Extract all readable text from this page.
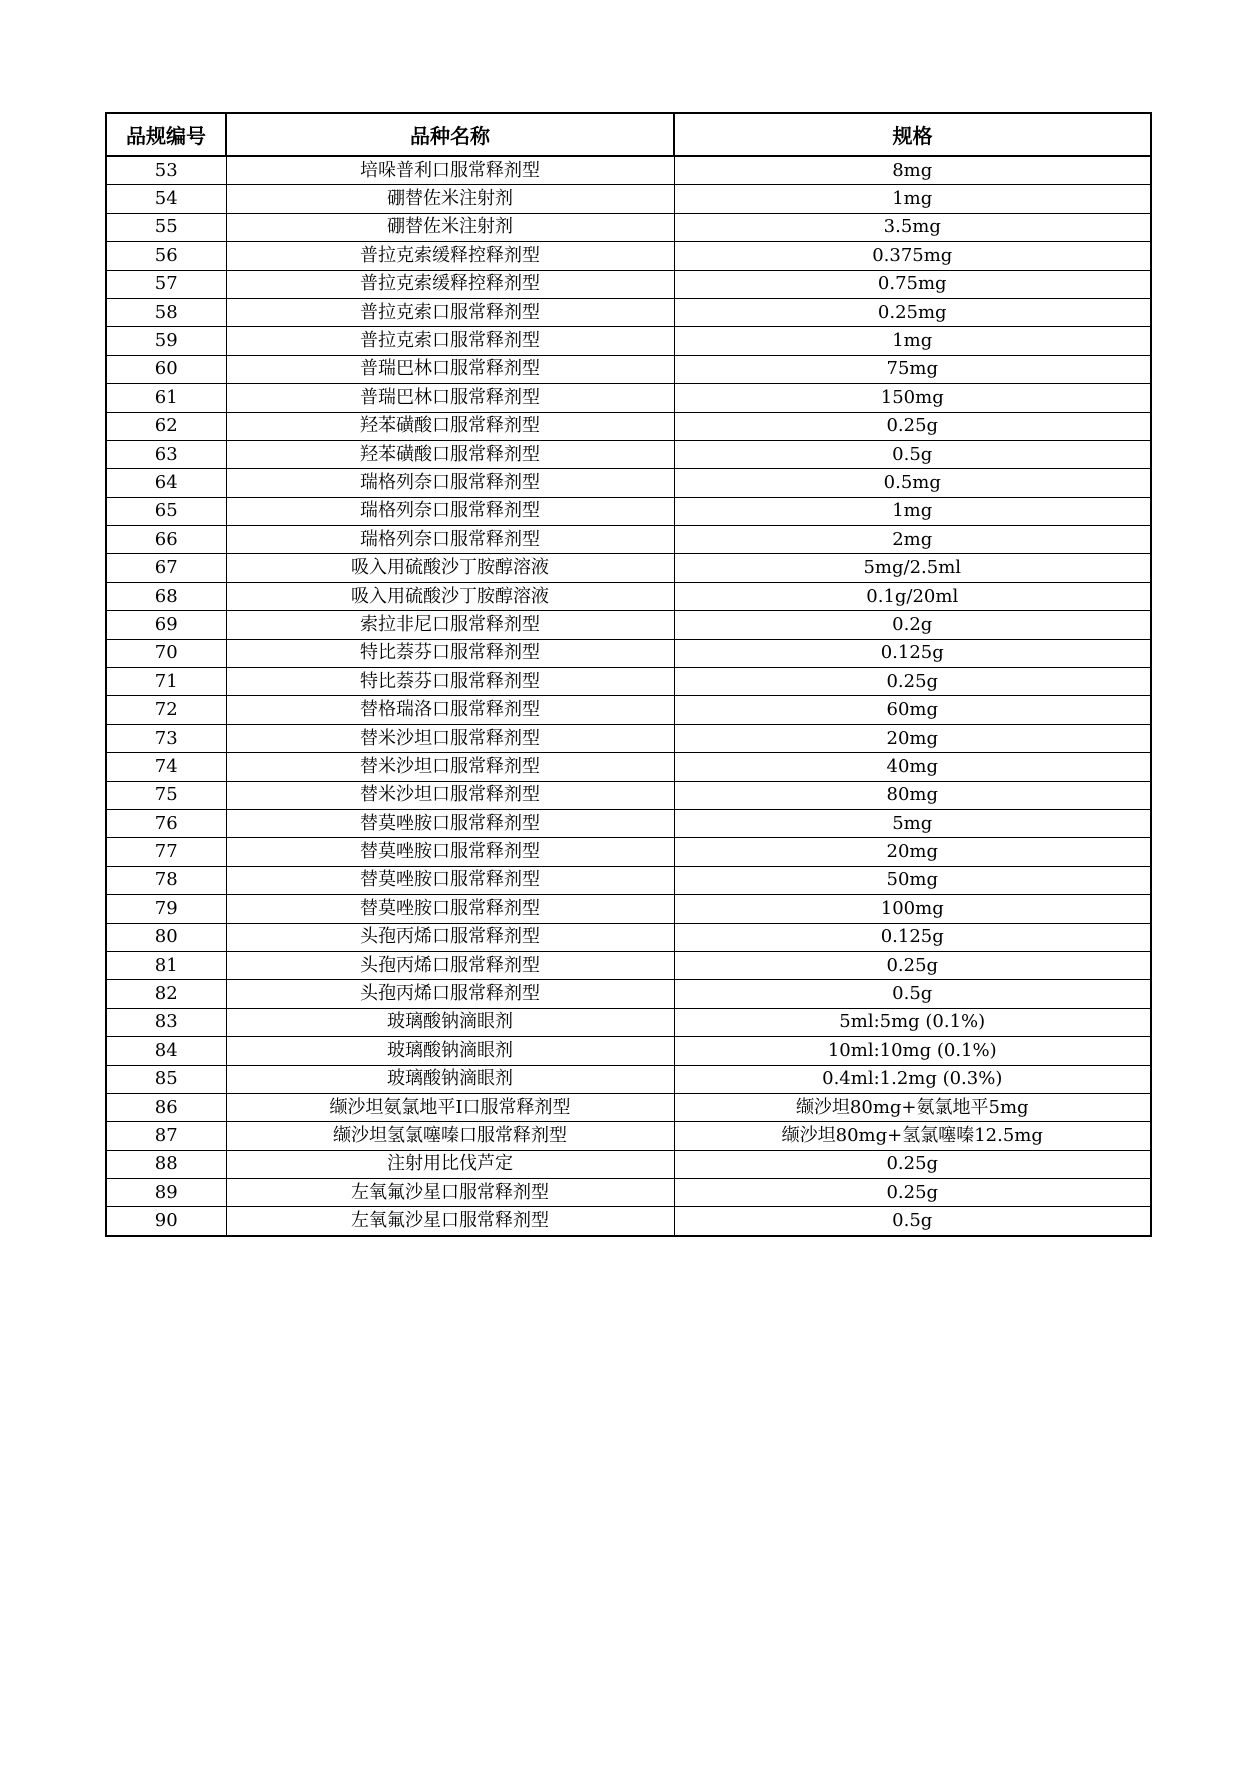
品规编号	品种名称	规格
53	培哚普利口服常释剂型	8mg
54	硼替佐米注射剂	1mg
55	硼替佐米注射剂	3.5mg
56	普拉克索缓释控释剂型	0.375mg
57	普拉克索缓释控释剂型	0.75mg
58	普拉克索口服常释剂型	0.25mg
59	普拉克索口服常释剂型	1mg
60	普瑞巴林口服常释剂型	75mg
61	普瑞巴林口服常释剂型	150mg
62	羟苯磺酸口服常释剂型	0.25g
63	羟苯磺酸口服常释剂型	0.5g
64	瑞格列奈口服常释剂型	0.5mg
65	瑞格列奈口服常释剂型	1mg
66	瑞格列奈口服常释剂型	2mg
67	吸入用硫酸沙丁胺醇溶液	5mg/2.5ml
68	吸入用硫酸沙丁胺醇溶液	0.1g/20ml
69	索拉非尼口服常释剂型	0.2g
70	特比萘芬口服常释剂型	0.125g
71	特比萘芬口服常释剂型	0.25g
72	替格瑞洛口服常释剂型	60mg
73	替米沙坦口服常释剂型	20mg
74	替米沙坦口服常释剂型	40mg
75	替米沙坦口服常释剂型	80mg
76	替莫唑胺口服常释剂型	5mg
77	替莫唑胺口服常释剂型	20mg
78	替莫唑胺口服常释剂型	50mg
79	替莫唑胺口服常释剂型	100mg
80	头孢丙烯口服常释剂型	0.125g
81	头孢丙烯口服常释剂型	0.25g
82	头孢丙烯口服常释剂型	0.5g
83	玻璃酸钠滴眼剂	5ml:5mg (0.1%)
84	玻璃酸钠滴眼剂	10ml:10mg (0.1%)
85	玻璃酸钠滴眼剂	0.4ml:1.2mg (0.3%)
86	缬沙坦氨氯地平Ⅰ口服常释剂型	缬沙坦80mg+氨氯地平5mg
87	缬沙坦氢氯噻嗪口服常释剂型	缬沙坦80mg+氢氯噻嗪12.5mg
88	注射用比伐芦定	0.25g
89	左氧氟沙星口服常释剂型	0.25g
90	左氧氟沙星口服常释剂型	0.5g
